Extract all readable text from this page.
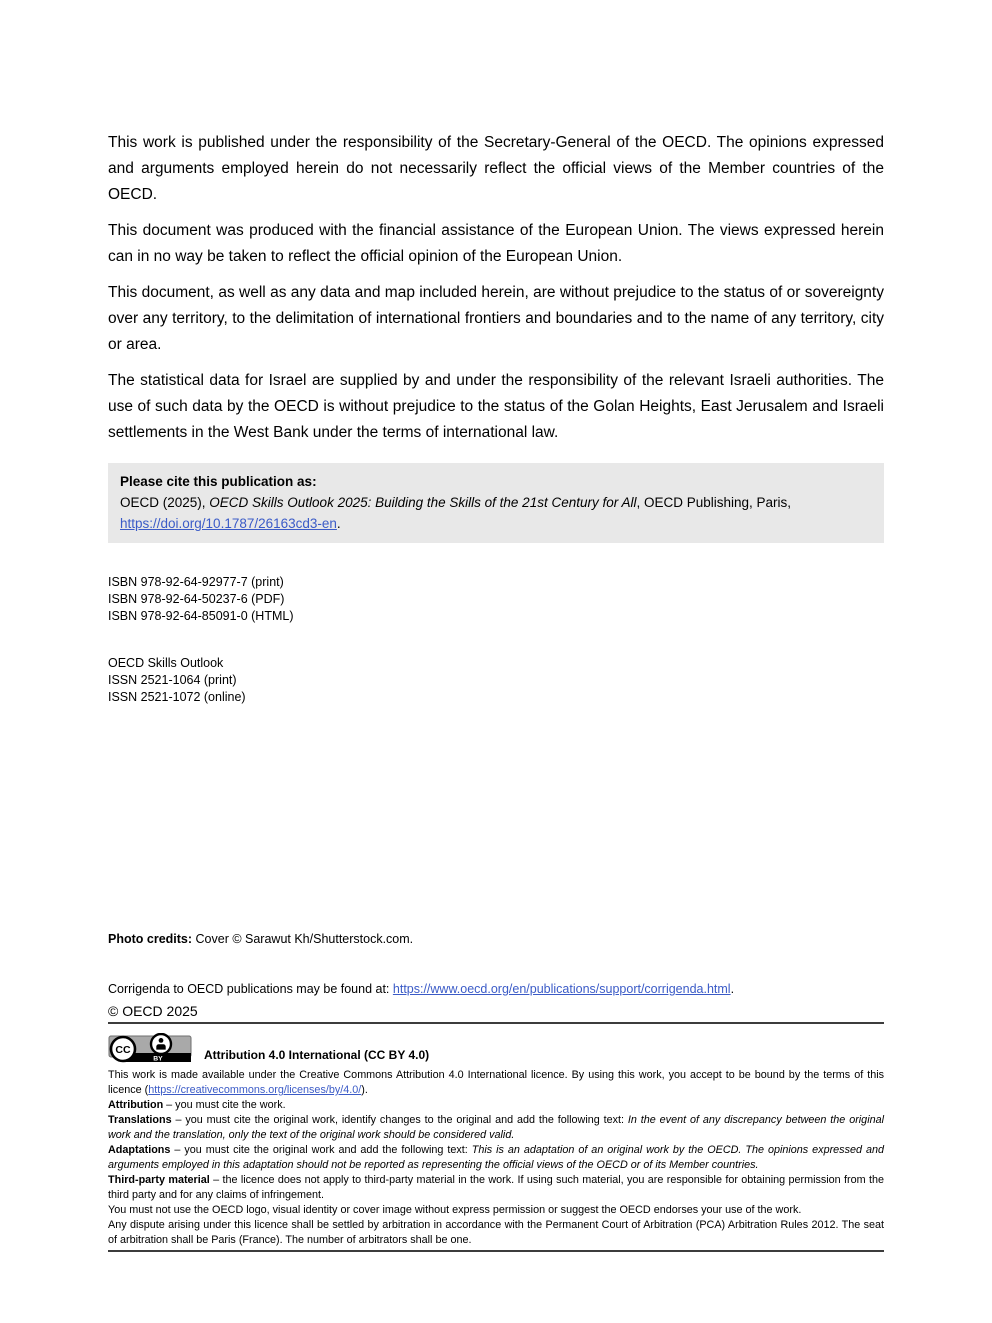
This work is published under the responsibility of the Secretary-General of the OECD. The opinions expressed and arguments employed herein do not necessarily reflect the official views of the Member countries of the OECD.

This document was produced with the financial assistance of the European Union. The views expressed herein can in no way be taken to reflect the official opinion of the European Union.

This document, as well as any data and map included herein, are without prejudice to the status of or sovereignty over any territory, to the delimitation of international frontiers and boundaries and to the name of any territory, city or area.

The statistical data for Israel are supplied by and under the responsibility of the relevant Israeli authorities. The use of such data by the OECD is without prejudice to the status of the Golan Heights, East Jerusalem and Israeli settlements in the West Bank under the terms of international law.

Please cite this publication as:
OECD (2025), OECD Skills Outlook 2025: Building the Skills of the 21st Century for All, OECD Publishing, Paris,
https://doi.org/10.1787/26163cd3-en.
ISBN 978-92-64-92977-7 (print)
ISBN 978-92-64-50237-6 (PDF)
ISBN 978-92-64-85091-0 (HTML)
OECD Skills Outlook
ISSN 2521-1064 (print)
ISSN 2521-1072 (online)
Photo credits: Cover © Sarawut Kh/Shutterstock.com.
Corrigenda to OECD publications may be found at: https://www.oecd.org/en/publications/support/corrigenda.html.
© OECD 2025
CC
BY	Attribution 4.0 International (CC BY 4.0)

This work is made available under the Creative Commons Attribution 4.0 International licence. By using this work, you accept to be bound by the terms of this licence (https://creativecommons.org/licenses/by/4.0/).

Attribution – you must cite the work.

Translations – you must cite the original work, identify changes to the original and add the following text: In the event of any discrepancy between the original work and the translation, only the text of the original work should be considered valid.

Adaptations – you must cite the original work and add the following text: This is an adaptation of an original work by the OECD. The opinions expressed and arguments employed in this adaptation should not be reported as representing the official views of the OECD or of its Member countries.

Third-party material – the licence does not apply to third-party material in the work. If using such material, you are responsible for obtaining permission from the third party and for any claims of infringement.

You must not use the OECD logo, visual identity or cover image without express permission or suggest the OECD endorses your use of the work.

Any dispute arising under this licence shall be settled by arbitration in accordance with the Permanent Court of Arbitration (PCA) Arbitration Rules 2012. The seat of arbitration shall be Paris (France). The number of arbitrators shall be one.
